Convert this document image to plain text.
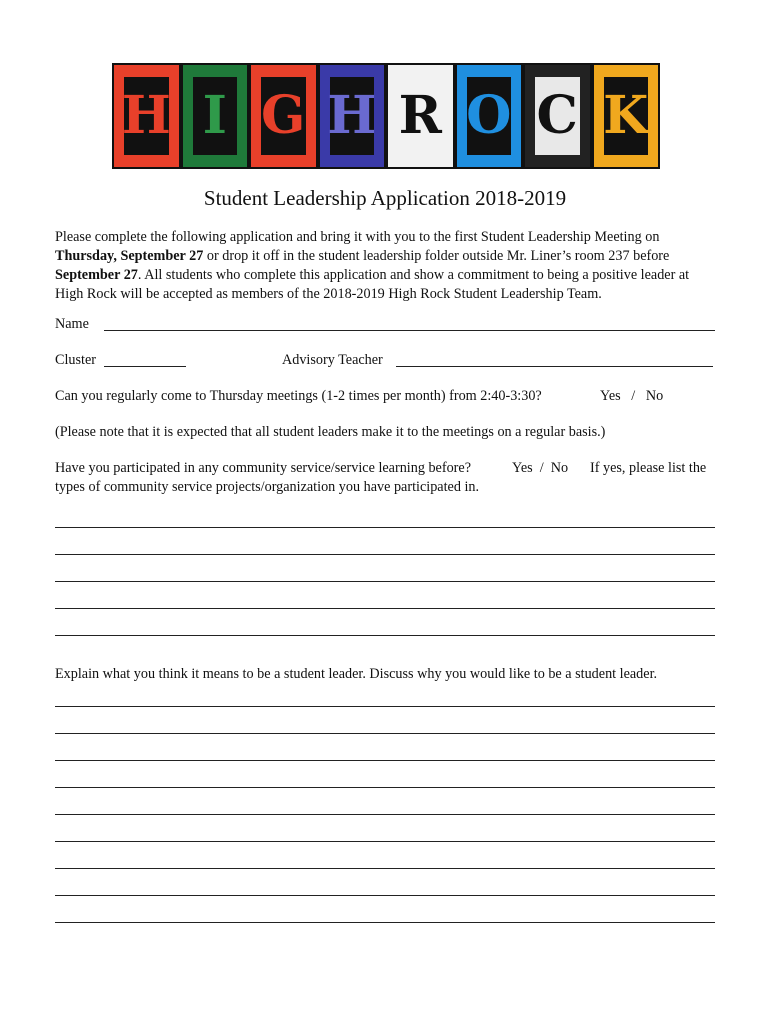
H I G H R O C K
Student Leadership Application 2018-2019
Please complete the following application and bring it with you to the first Student Leadership Meeting on Thursday, September 27 or drop it off in the student leadership folder outside Mr. Liner’s room 237 before September 27. All students who complete this application and show a commitment to being a positive leader at High Rock will be accepted as members of the 2018-2019 High Rock Student Leadership Team.
Name
Cluster	Advisory Teacher
Can you regularly come to Thursday meetings (1-2 times per month) from 2:40-3:30?	Yes   /   No
(Please note that it is expected that all student leaders make it to the meetings on a regular basis.)
Have you participated in any community service/service learning before?	Yes  /  No If yes, please list the
types of community service projects/organization you have participated in.
Explain what you think it means to be a student leader. Discuss why you would like to be a student leader.
